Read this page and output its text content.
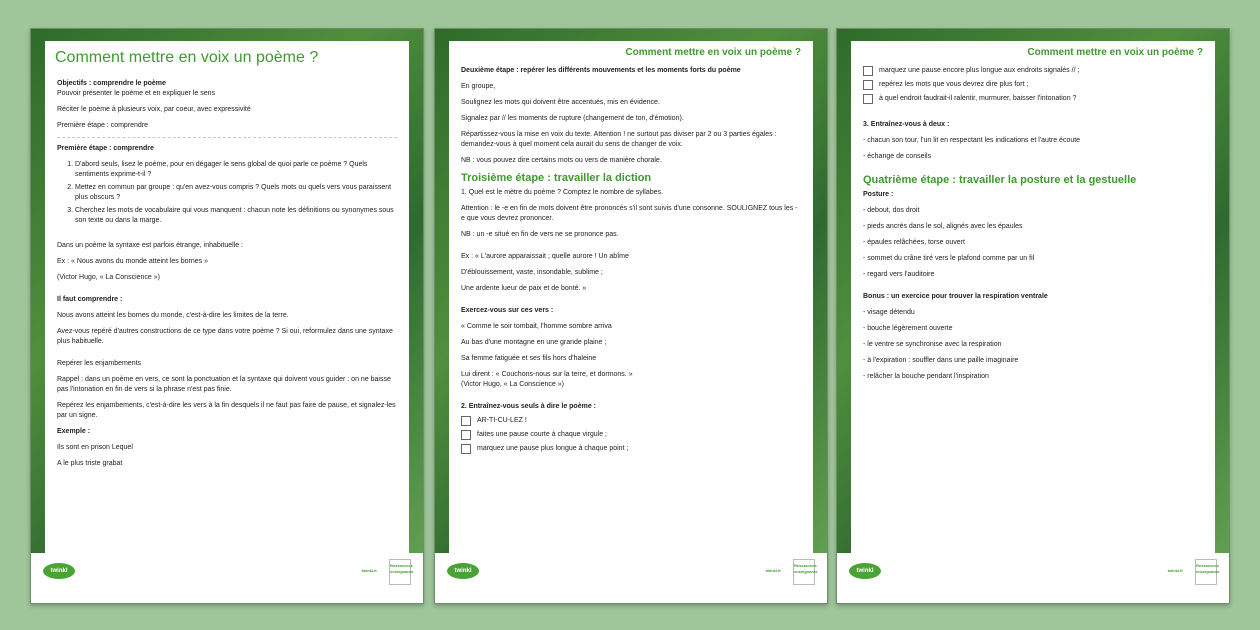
Comment mettre en voix un poème ?

Objectifs : comprendre le poème

Pouvoir présenter le poème et en expliquer le sens

Réciter le poème à plusieurs voix, par coeur, avec expressivité

Première étape : comprendre

Première étape : comprendre

1. D'abord seuls, lisez le poème, pour en dégager le sens global de quoi parle ce poème ? Quels sentiments exprime-t-il ?
2. Mettez en commun par groupe : qu'en avez-vous compris ? Quels mots ou quels vers vous paraissent plus obscurs ?
3. Cherchez les mots de vocabulaire qui vous manquent : chacun note les définitions ou synonymes sous son texte ou dans la marge.

Dans un poème la syntaxe est parfois étrange, inhabituelle :

Ex : « Nous avons du monde atteint les bornes »

(Victor Hugo, « La Conscience »)

Il faut comprendre :

Nous avons atteint les bornes du monde, c'est-à-dire les limites de la terre.

Avez-vous repéré d'autres constructions de ce type dans votre poème ? Si oui, reformulez dans une syntaxe plus habituelle.

Repérer les enjambements

Rappel : dans un poème en vers, ce sont la ponctuation et la syntaxe qui doivent vous guider : on ne baisse pas l'intonation en fin de vers si la phrase n'est pas finie.

Repérez les enjambements, c'est-à-dire les vers à la fin desquels il ne faut pas faire de pause, et signalez-les par un signe.

Exemple :

Ils sont en prison Lequel

A le plus triste grabat

twinkl	twinkl.fr
Ressources enseignants
Comment mettre en voix un poème ?

Deuxième étape : repérer les différents mouvements et les moments forts du poème

En groupe,

Soulignez les mots qui doivent être accentués, mis en évidence.

Signalez par // les moments de rupture (changement de ton, d'émotion).

Répartissez-vous la mise en voix du texte. Attention ! ne surtout pas diviser par 2 ou 3 parties égales : demandez-vous à quel moment cela aurait du sens de changer de voix.

NB : vous pouvez dire certains mots ou vers de manière chorale.

Troisième étape : travailler la diction

1. Quel est le mètre du poème ? Comptez le nombre de syllabes.

Attention : le -e en fin de mots doivent être prononcés s'il sont suivis d'une consonne. SOULIGNEZ tous les -e que vous devrez prononcer.

NB : un -e situé en fin de vers ne se prononce pas.

Ex : « L'aurore apparaissait ; quelle aurore ! Un abîme

D'éblouissement, vaste, insondable, sublime ;

Une ardente lueur de paix et de bonté. »

Exercez-vous sur ces vers :

« Comme le soir tombait, l'homme sombre arriva

Au bas d'une montagne en une grande plaine ;

Sa femme fatiguée et ses fils hors d'haleine

Lui dirent : « Couchons-nous sur la terre, et dormons. »

(Victor Hugo, « La Conscience »)

2. Entraînez-vous seuls à dire le poème :

AR-TI-CU-LEZ !
faites une pause courte à chaque virgule ;
marquez une pause plus longue à chaque point ;
twinkl	twinkl.fr
Ressources enseignants
Comment mettre en voix un poème ?
marquez une pause encore plus longue aux endroits signalés // ;
repérez les mots que vous devrez dire plus fort ;
à quel endroit faudrait-il ralentir, murmurer, baisser l'intonation ?

3. Entraînez-vous à deux :

- chacun son tour, l'un lit en respectant les indications et l'autre écoute

- échange de conseils

Quatrième étape : travailler la posture et la gestuelle

Posture :

- debout, dos droit

- pieds ancrés dans le sol, alignés avec les épaules

- épaules relâchées, torse ouvert

- sommet du crâne tiré vers le plafond comme par un fil

- regard vers l'auditoire

Bonus : un exercice pour trouver la respiration ventrale

- visage détendu

- bouche légèrement ouverte

- le ventre se synchronise avec la respiration

- à l'expiration : souffler dans une paille imaginaire

- relâcher la bouche pendant l'inspiration

twinkl	twinkl.fr
Ressources enseignants
